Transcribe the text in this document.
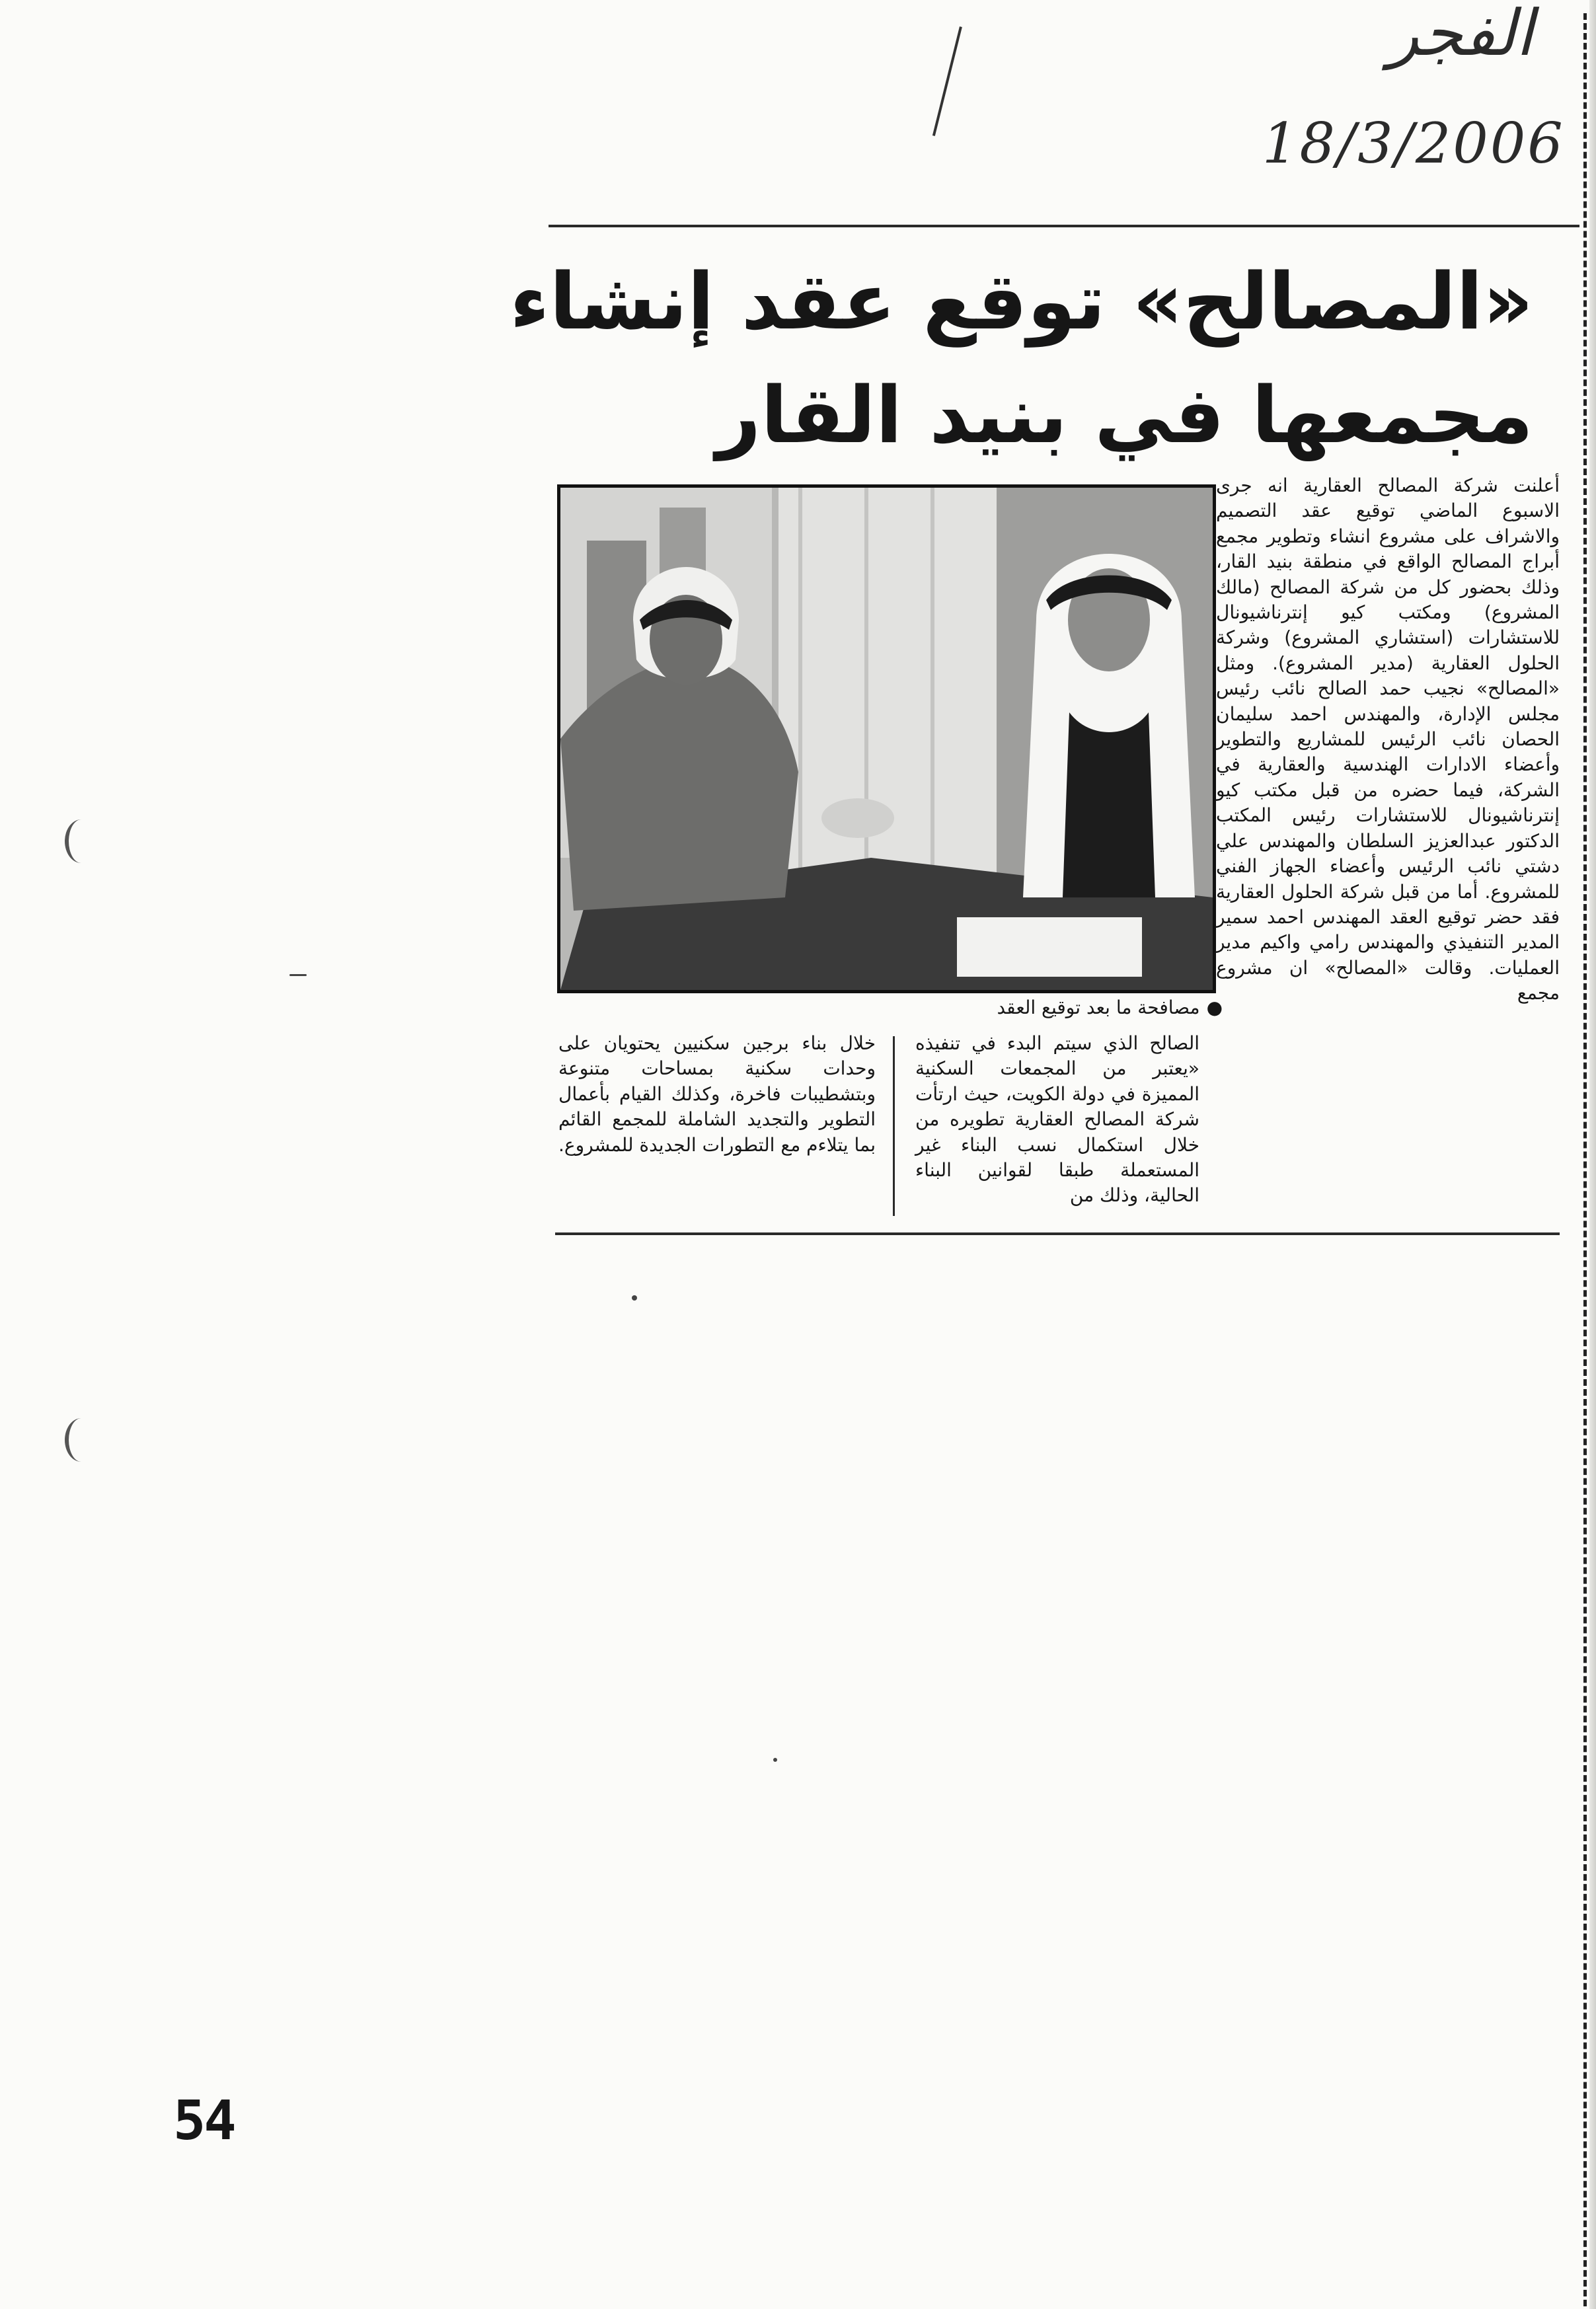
الفجر
18/3/2006
«المصالح» توقع عقد إنشاء
مجمعها في بنيد القار

● مصافحة ما بعد توقيع العقد

أعلنت شركة المصالح العقارية انه جرى الاسبوع الماضي توقيع عقد التصميم والاشراف على مشروع انشاء وتطوير مجمع أبراج المصالح الواقع في منطقة بنيد القار، وذلك بحضور كل من شركة المصالح (مالك المشروع) ومكتب كيو إنترناشيونال للاستشارات (استشاري المشروع) وشركة الحلول العقارية (مدير المشروع). ومثل «المصالح» نجيب حمد الصالح نائب رئيس مجلس الإدارة، والمهندس احمد سليمان الحصان نائب الرئيس للمشاريع والتطوير وأعضاء الادارات الهندسية والعقارية في الشركة، فيما حضره من قبل مكتب كيو إنترناشيونال للاستشارات رئيس المكتب الدكتور عبدالعزيز السلطان والمهندس علي دشتي نائب الرئيس وأعضاء الجهاز الفني للمشروع. أما من قبل شركة الحلول العقارية فقد حضر توقيع العقد المهندس احمد سمير المدير التنفيذي والمهندس رامي واكيم مدير العمليات. وقالت «المصالح» ان مشروع مجمع

الصالح الذي سيتم البدء في تنفيذه «يعتبر من المجمعات السكنية المميزة في دولة الكويت، حيث ارتأت شركة المصالح العقارية تطويره من خلال استكمال نسب البناء غير المستعملة طبقا لقوانين البناء الحالية، وذلك من

خلال بناء برجين سكنيين يحتويان على وحدات سكنية بمساحات متنوعة وبتشطيبات فاخرة، وكذلك القيام بأعمال التطوير والتجديد الشاملة للمجمع القائم بما يتلاءم مع التطورات الجديدة للمشروع.

54
